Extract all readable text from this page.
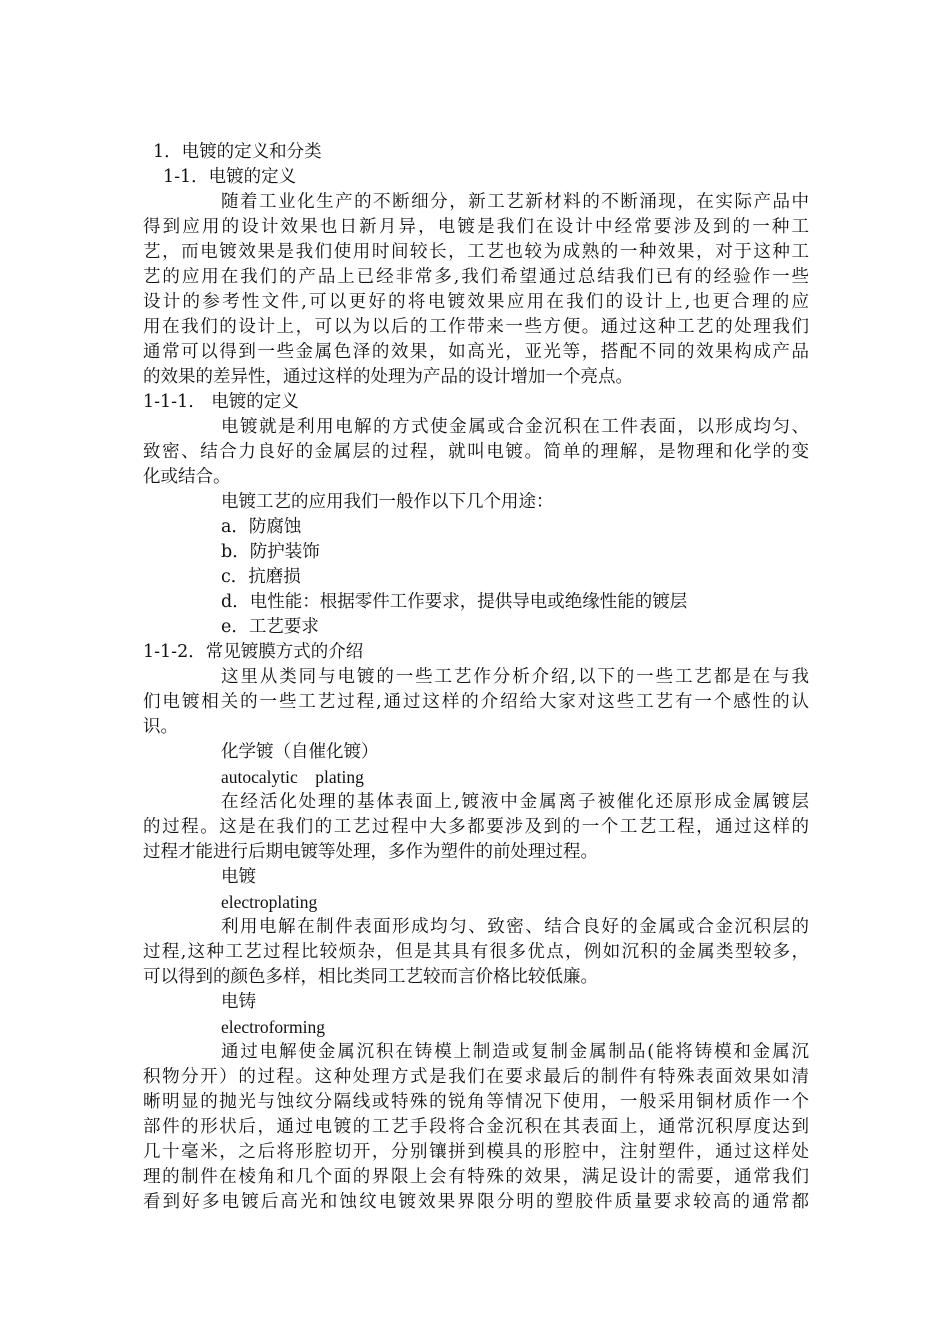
1．电镀的定义和分类
1-1．电镀的定义
随着工业化生产的不断细分，新工艺新材料的不断涌现，在实际产品中
得到应用的设计效果也日新月异，电镀是我们在设计中经常要涉及到的一种工
艺，而电镀效果是我们使用时间较长，工艺也较为成熟的一种效果，对于这种工
艺的应用在我们的产品上已经非常多,我们希望通过总结我们已有的经验作一些
设计的参考性文件,可以更好的将电镀效果应用在我们的设计上,也更合理的应
用在我们的设计上，可以为以后的工作带来一些方便。通过这种工艺的处理我们
通常可以得到一些金属色泽的效果，如高光，亚光等，搭配不同的效果构成产品
的效果的差异性，通过这样的处理为产品的设计增加一个亮点。
1-1-1.　电镀的定义
电镀就是利用电解的方式使金属或合金沉积在工件表面，以形成均匀、
致密、结合力良好的金属层的过程，就叫电镀。简单的理解，是物理和化学的变
化或结合。
电镀工艺的应用我们一般作以下几个用途：
a．防腐蚀
b．防护装饰
c．抗磨损
d．电性能：根据零件工作要求，提供导电或绝缘性能的镀层
e．工艺要求
1-1-2．常见镀膜方式的介绍
这里从类同与电镀的一些工艺作分析介绍,以下的一些工艺都是在与我
们电镀相关的一些工艺过程,通过这样的介绍给大家对这些工艺有一个感性的认
识。
化学镀（自催化镀）
autocalytic　plating
在经活化处理的基体表面上,镀液中金属离子被催化还原形成金属镀层
的过程。这是在我们的工艺过程中大多都要涉及到的一个工艺工程，通过这样的
过程才能进行后期电镀等处理，多作为塑件的前处理过程。
电镀
electroplating
利用电解在制件表面形成均匀、致密、结合良好的金属或合金沉积层的
过程,这种工艺过程比较烦杂，但是其具有很多优点，例如沉积的金属类型较多，
可以得到的颜色多样，相比类同工艺较而言价格比较低廉。
电铸
electroforming
通过电解使金属沉积在铸模上制造或复制金属制品(能将铸模和金属沉
积物分开）的过程。这种处理方式是我们在要求最后的制件有特殊表面效果如清
晰明显的抛光与蚀纹分隔线或特殊的锐角等情况下使用，一般采用铜材质作一个
部件的形状后，通过电镀的工艺手段将合金沉积在其表面上，通常沉积厚度达到
几十毫米，之后将形腔切开，分别镶拼到模具的形腔中，注射塑件，通过这样处
理的制件在棱角和几个面的界限上会有特殊的效果，满足设计的需要，通常我们
看到好多电镀后高光和蚀纹电镀效果界限分明的塑胶件质量要求较高的通常都
